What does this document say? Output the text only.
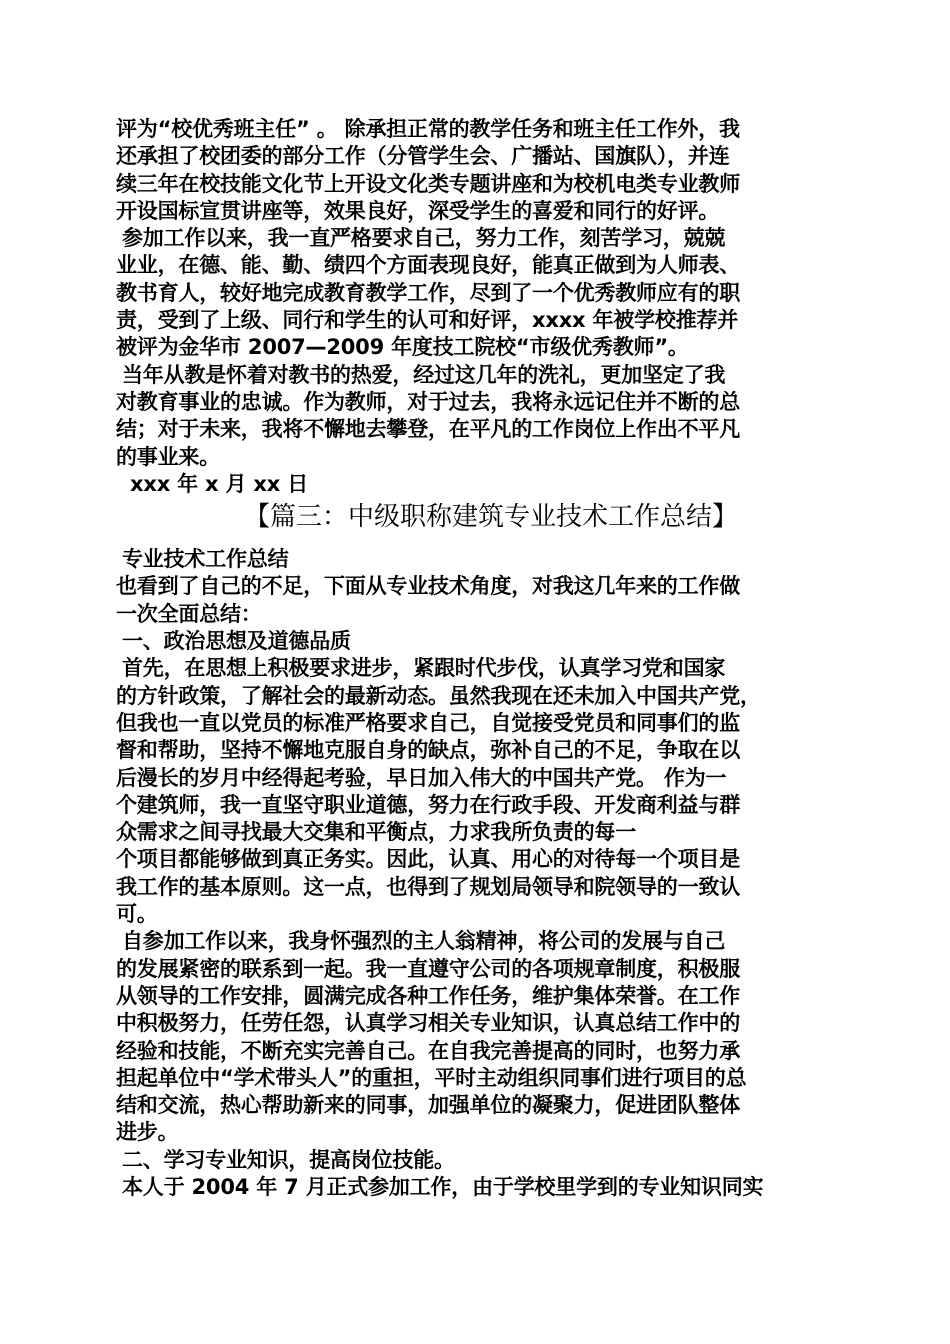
评为“校优秀班主任” 。 除承担正常的教学任务和班主任工作外，我
还承担了校团委的部分工作（分管学生会、广播站、国旗队），并连
续三年在校技能文化节上开设文化类专题讲座和为校机电类专业教师
开设国标宣贯讲座等，效果良好，深受学生的喜爱和同行的好评。
参加工作以来，我一直严格要求自己，努力工作，刻苦学习，兢兢
业业，在德、能、勤、绩四个方面表现良好，能真正做到为人师表、
教书育人，较好地完成教育教学工作，尽到了一个优秀教师应有的职
责，受到了上级、同行和学生的认可和好评，xxxx 年被学校推荐并
被评为金华市 2007—2009 年度技工院校“市级优秀教师”。
当年从教是怀着对教书的热爱，经过这几年的洗礼，更加坚定了我
对教育事业的忠诚。作为教师，对于过去，我将永远记住并不断的总
结；对于未来，我将不懈地去攀登，在平凡的工作岗位上作出不平凡
的事业来。
xxx 年 x 月 xx 日
【篇三：中级职称建筑专业技术工作总结】
专业技术工作总结
也看到了自己的不足，下面从专业技术角度，对我这几年来的工作做
一次全面总结：
一、政治思想及道德品质
首先，在思想上积极要求进步，紧跟时代步伐，认真学习党和国家
的方针政策，了解社会的最新动态。虽然我现在还未加入中国共产党，
但我也一直以党员的标准严格要求自己，自觉接受党员和同事们的监
督和帮助，坚持不懈地克服自身的缺点，弥补自己的不足，争取在以
后漫长的岁月中经得起考验，早日加入伟大的中国共产党。 作为一
个建筑师，我一直坚守职业道德，努力在行政手段、开发商利益与群
众需求之间寻找最大交集和平衡点，力求我所负责的每一
个项目都能够做到真正务实。因此，认真、用心的对待每一个项目是
我工作的基本原则。这一点，也得到了规划局领导和院领导的一致认
可。
自参加工作以来，我身怀强烈的主人翁精神，将公司的发展与自己
的发展紧密的联系到一起。我一直遵守公司的各项规章制度，积极服
从领导的工作安排，圆满完成各种工作任务，维护集体荣誉。在工作
中积极努力，任劳任怨，认真学习相关专业知识，认真总结工作中的
经验和技能，不断充实完善自己。在自我完善提高的同时，也努力承
担起单位中“学术带头人”的重担，平时主动组织同事们进行项目的总
结和交流，热心帮助新来的同事，加强单位的凝聚力，促进团队整体
进步。
二、学习专业知识，提高岗位技能。
本人于 2004 年 7 月正式参加工作，由于学校里学到的专业知识同实
